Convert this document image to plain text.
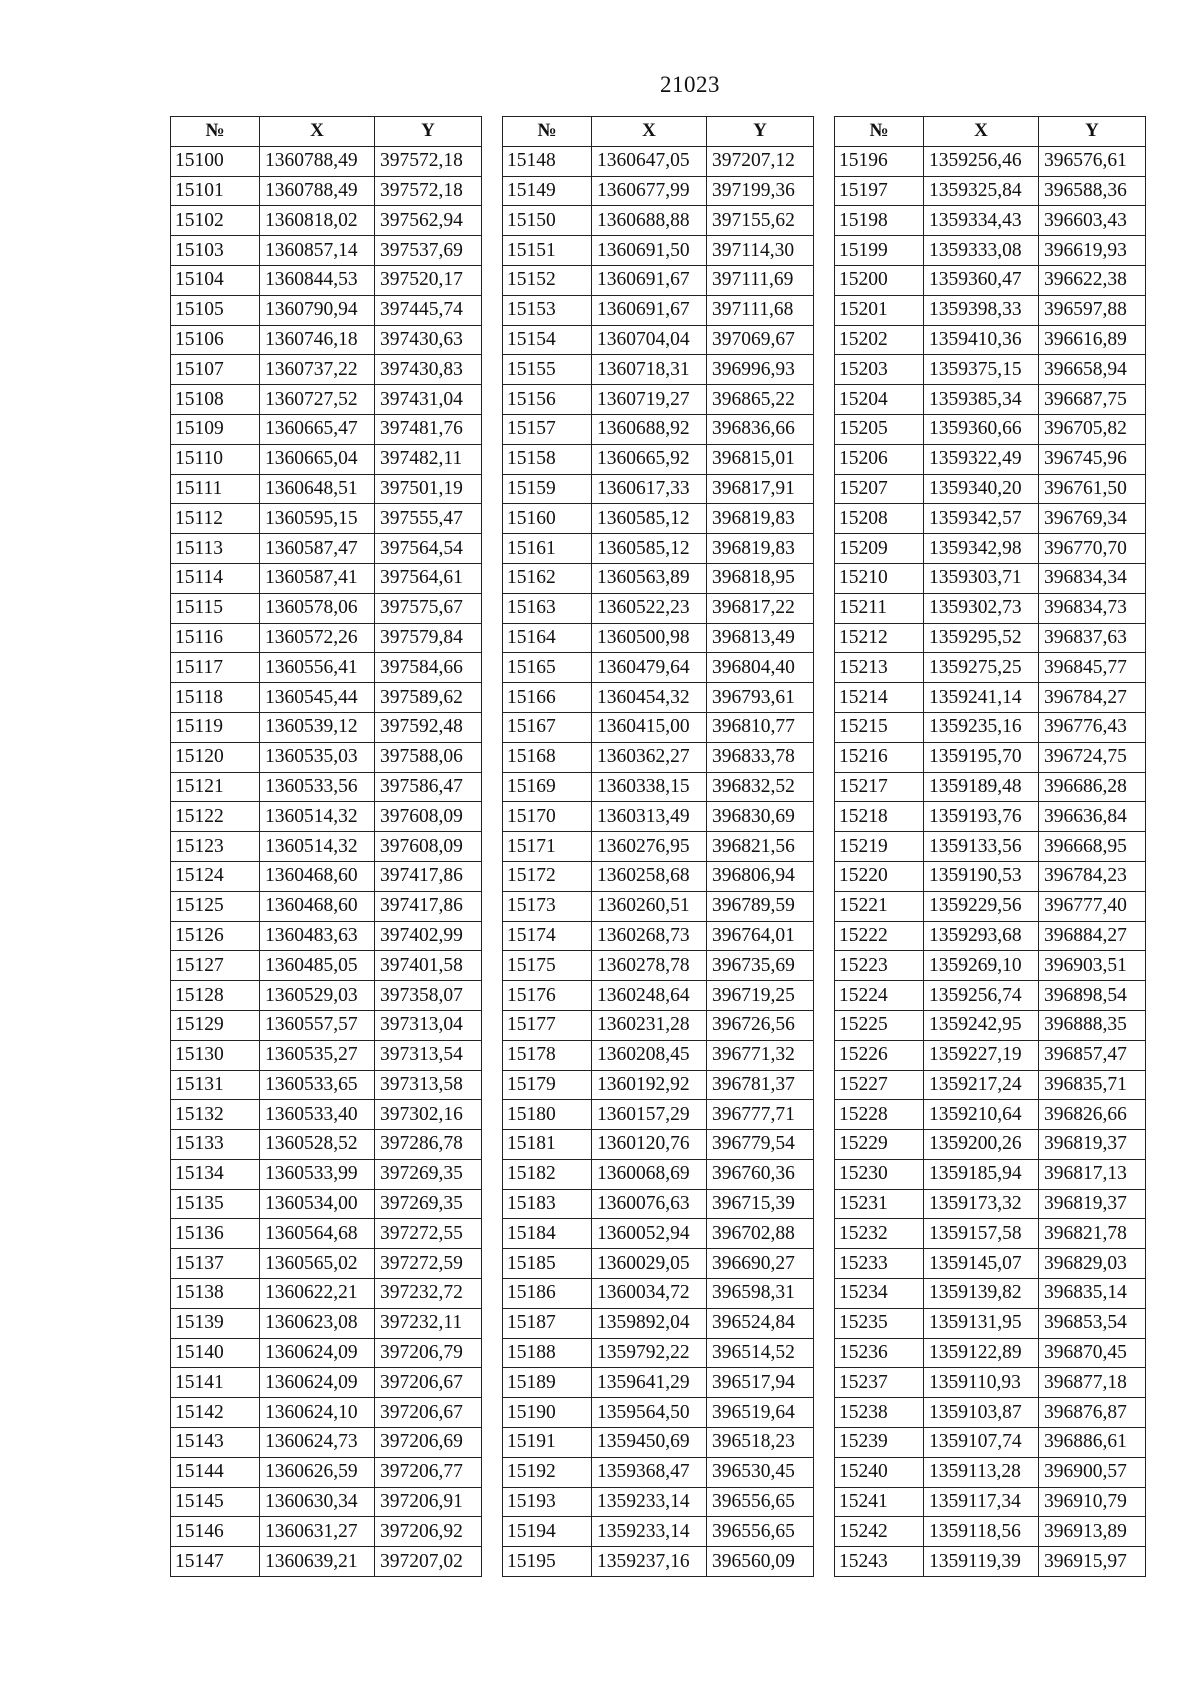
21023
№	X	Y
15100	1360788,49	397572,18
15101	1360788,49	397572,18
15102	1360818,02	397562,94
15103	1360857,14	397537,69
15104	1360844,53	397520,17
15105	1360790,94	397445,74
15106	1360746,18	397430,63
15107	1360737,22	397430,83
15108	1360727,52	397431,04
15109	1360665,47	397481,76
15110	1360665,04	397482,11
15111	1360648,51	397501,19
15112	1360595,15	397555,47
15113	1360587,47	397564,54
15114	1360587,41	397564,61
15115	1360578,06	397575,67
15116	1360572,26	397579,84
15117	1360556,41	397584,66
15118	1360545,44	397589,62
15119	1360539,12	397592,48
15120	1360535,03	397588,06
15121	1360533,56	397586,47
15122	1360514,32	397608,09
15123	1360514,32	397608,09
15124	1360468,60	397417,86
15125	1360468,60	397417,86
15126	1360483,63	397402,99
15127	1360485,05	397401,58
15128	1360529,03	397358,07
15129	1360557,57	397313,04
15130	1360535,27	397313,54
15131	1360533,65	397313,58
15132	1360533,40	397302,16
15133	1360528,52	397286,78
15134	1360533,99	397269,35
15135	1360534,00	397269,35
15136	1360564,68	397272,55
15137	1360565,02	397272,59
15138	1360622,21	397232,72
15139	1360623,08	397232,11
15140	1360624,09	397206,79
15141	1360624,09	397206,67
15142	1360624,10	397206,67
15143	1360624,73	397206,69
15144	1360626,59	397206,77
15145	1360630,34	397206,91
15146	1360631,27	397206,92
15147	1360639,21	397207,02
№	X	Y
15148	1360647,05	397207,12
15149	1360677,99	397199,36
15150	1360688,88	397155,62
15151	1360691,50	397114,30
15152	1360691,67	397111,69
15153	1360691,67	397111,68
15154	1360704,04	397069,67
15155	1360718,31	396996,93
15156	1360719,27	396865,22
15157	1360688,92	396836,66
15158	1360665,92	396815,01
15159	1360617,33	396817,91
15160	1360585,12	396819,83
15161	1360585,12	396819,83
15162	1360563,89	396818,95
15163	1360522,23	396817,22
15164	1360500,98	396813,49
15165	1360479,64	396804,40
15166	1360454,32	396793,61
15167	1360415,00	396810,77
15168	1360362,27	396833,78
15169	1360338,15	396832,52
15170	1360313,49	396830,69
15171	1360276,95	396821,56
15172	1360258,68	396806,94
15173	1360260,51	396789,59
15174	1360268,73	396764,01
15175	1360278,78	396735,69
15176	1360248,64	396719,25
15177	1360231,28	396726,56
15178	1360208,45	396771,32
15179	1360192,92	396781,37
15180	1360157,29	396777,71
15181	1360120,76	396779,54
15182	1360068,69	396760,36
15183	1360076,63	396715,39
15184	1360052,94	396702,88
15185	1360029,05	396690,27
15186	1360034,72	396598,31
15187	1359892,04	396524,84
15188	1359792,22	396514,52
15189	1359641,29	396517,94
15190	1359564,50	396519,64
15191	1359450,69	396518,23
15192	1359368,47	396530,45
15193	1359233,14	396556,65
15194	1359233,14	396556,65
15195	1359237,16	396560,09
№	X	Y
15196	1359256,46	396576,61
15197	1359325,84	396588,36
15198	1359334,43	396603,43
15199	1359333,08	396619,93
15200	1359360,47	396622,38
15201	1359398,33	396597,88
15202	1359410,36	396616,89
15203	1359375,15	396658,94
15204	1359385,34	396687,75
15205	1359360,66	396705,82
15206	1359322,49	396745,96
15207	1359340,20	396761,50
15208	1359342,57	396769,34
15209	1359342,98	396770,70
15210	1359303,71	396834,34
15211	1359302,73	396834,73
15212	1359295,52	396837,63
15213	1359275,25	396845,77
15214	1359241,14	396784,27
15215	1359235,16	396776,43
15216	1359195,70	396724,75
15217	1359189,48	396686,28
15218	1359193,76	396636,84
15219	1359133,56	396668,95
15220	1359190,53	396784,23
15221	1359229,56	396777,40
15222	1359293,68	396884,27
15223	1359269,10	396903,51
15224	1359256,74	396898,54
15225	1359242,95	396888,35
15226	1359227,19	396857,47
15227	1359217,24	396835,71
15228	1359210,64	396826,66
15229	1359200,26	396819,37
15230	1359185,94	396817,13
15231	1359173,32	396819,37
15232	1359157,58	396821,78
15233	1359145,07	396829,03
15234	1359139,82	396835,14
15235	1359131,95	396853,54
15236	1359122,89	396870,45
15237	1359110,93	396877,18
15238	1359103,87	396876,87
15239	1359107,74	396886,61
15240	1359113,28	396900,57
15241	1359117,34	396910,79
15242	1359118,56	396913,89
15243	1359119,39	396915,97
